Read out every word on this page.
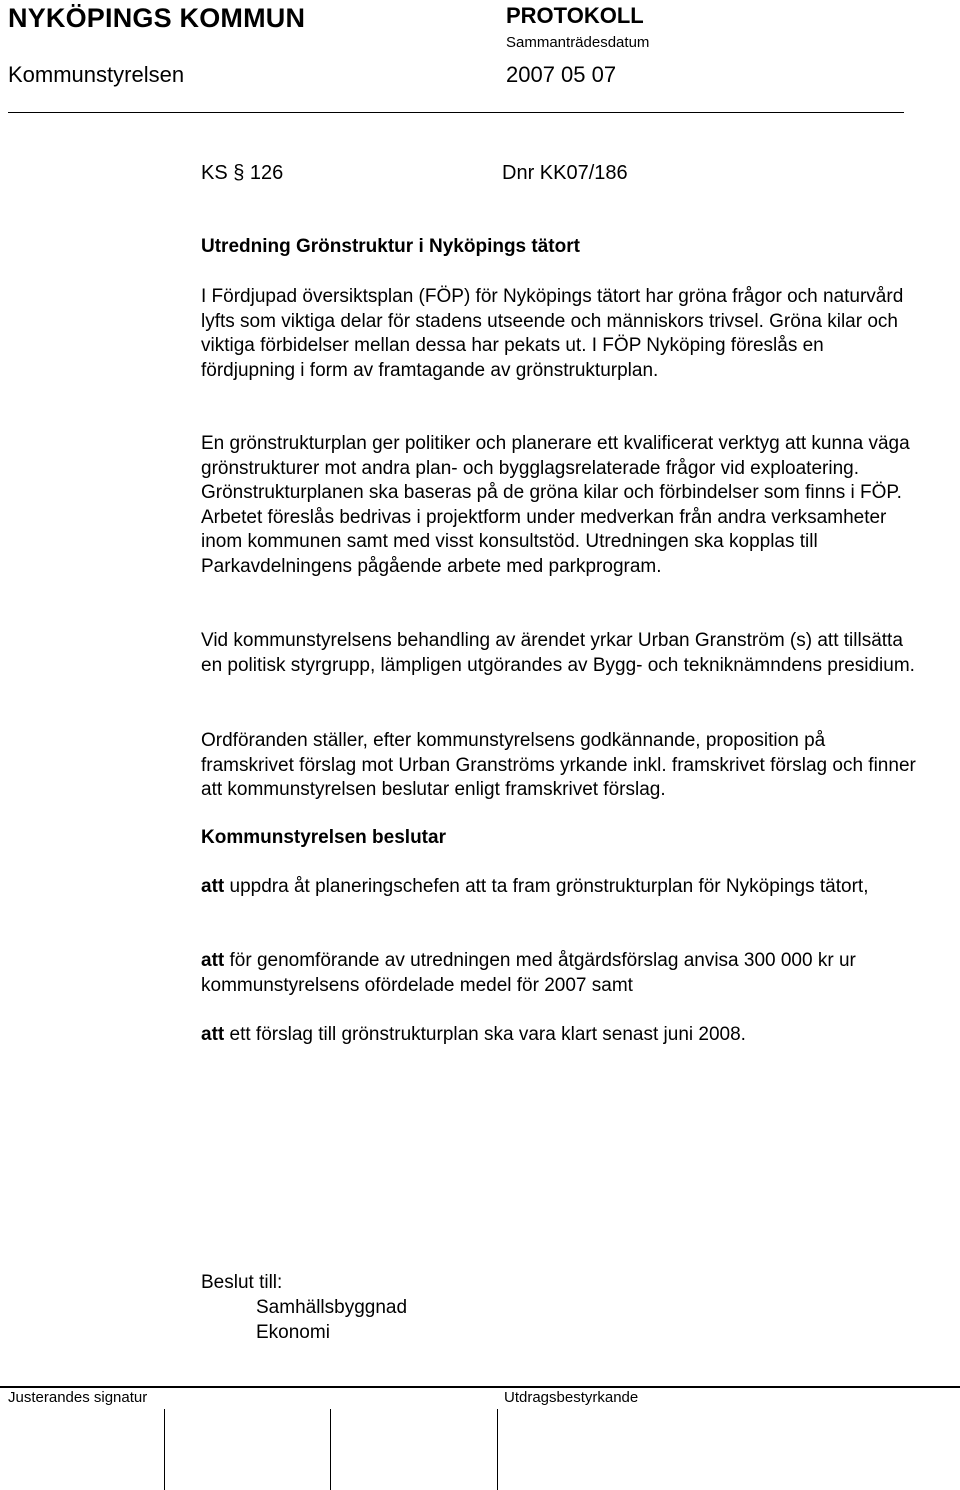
NYKÖPINGS KOMMUN	PROTOKOLL
Sammanträdesdatum
Kommunstyrelsen	2007 05 07
KS § 126	Dnr KK07/186
Utredning Grönstruktur i Nyköpings tätort

I Fördjupad översiktsplan (FÖP) för Nyköpings tätort har gröna frågor och naturvård lyfts som viktiga delar för stadens utseende och människors trivsel. Gröna kilar och viktiga förbidelser mellan dessa har pekats ut. I FÖP Nyköping föreslås en fördjupning i form av framtagande av grönstrukturplan.

En grönstrukturplan ger politiker och planerare ett kvalificerat verktyg att kunna väga grönstrukturer mot andra plan- och bygglagsrelaterade frågor vid exploatering. Grönstrukturplanen ska baseras på de gröna kilar och förbindelser som finns i FÖP. Arbetet föreslås bedrivas i projektform under medverkan från andra verksamheter inom kommunen samt med visst konsultstöd. Utredningen ska kopplas till Parkavdelningens pågående arbete med parkprogram.

Vid kommunstyrelsens behandling av ärendet yrkar Urban Granström (s) att tillsätta en politisk styrgrupp, lämpligen utgörandes av Bygg- och tekniknämndens presidium.

Ordföranden ställer, efter kommunstyrelsens godkännande, proposition på framskrivet förslag mot Urban Granströms yrkande inkl. framskrivet förslag och finner att kommunstyrelsen beslutar enligt framskrivet förslag.

Kommunstyrelsen beslutar

att uppdra åt planeringschefen att ta fram grönstrukturplan för Nyköpings tätort,

att för genomförande av utredningen med åtgärdsförslag anvisa 300 000 kr ur kommunstyrelsens ofördelade medel för 2007 samt

att ett förslag till grönstrukturplan ska vara klart senast juni 2008.

Beslut till:
Samhällsbyggnad
Ekonomi
Justerandes signatur	Utdragsbestyrkande
